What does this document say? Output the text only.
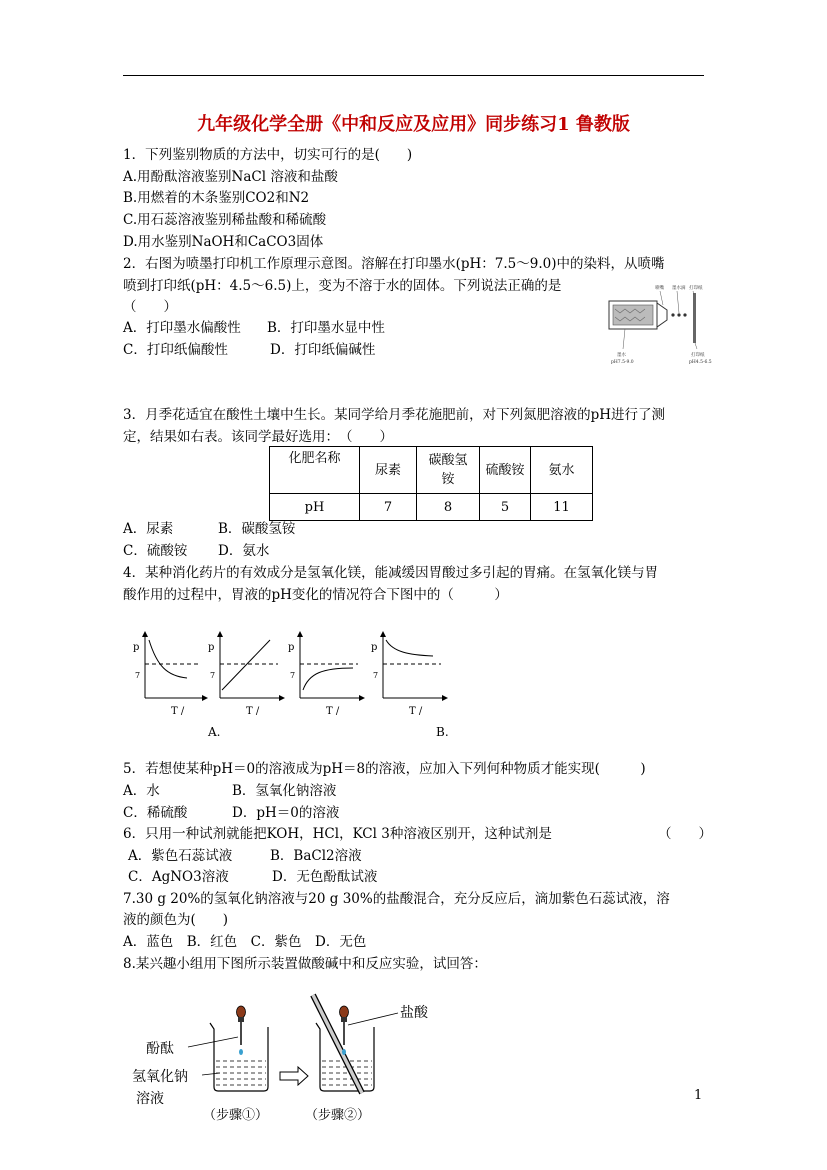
九年级化学全册《中和反应及应用》同步练习1 鲁教版
1．下列鉴别物质的方法中，切实可行的是(　　)
A.用酚酞溶液鉴别NaCl 溶液和盐酸
B.用燃着的木条鉴别CO2和N2
C.用石蕊溶液鉴别稀盐酸和稀硫酸
D.用水鉴别NaOH和CaCO3固体
2．右图为喷墨打印机工作原理示意图。溶解在打印墨水(pH：7.5～9.0)中的染料，从喷嘴
喷到打印纸(pH：4.5～6.5)上，变为不溶于水的固体。下列说法正确的是
（　　）
A．打印墨水偏酸性 B．打印墨水显中性
C．打印纸偏酸性	D．打印纸偏碱性
喷嘴 墨水滴 打印纸
墨水
pH7.5-9.0
打印纸
pH4.5-6.5
3．月季花适宜在酸性土壤中生长。某同学给月季花施肥前，对下列氮肥溶液的pH进行了测
定，结果如右表。该同学最好选用：　（　　）
化肥名称	尿素	碳酸氢铵	硫酸铵	氨水
pH	7	8	5	11
A．尿素	B．碳酸氢铵
C．硫酸铵 D．氨水
4．某种消化药片的有效成分是氢氧化镁，能减缓因胃酸过多引起的胃痛。在氢氧化镁与胃
酸作用的过程中，胃液的pH变化的情况符合下图中的（　　　）
p
7
T /
p
7
T /
p
7
T /
p
7
T /
A.	B.
5．若想使某种pH＝0的溶液成为pH＝8的溶液，应加入下列何种物质才能实现(　　　)
A．水	B．氢氧化钠溶液
C．稀硫酸	D．pH＝0的溶液
6．只用一种试剂就能把KOH，HCl，KCl 3种溶液区别开，这种试剂是	（　　）
A．紫色石蕊试液	B．BaCl2溶液
C．AgNO3溶液	D．无色酚酞试液
7.30 g 20%的氢氧化钠溶液与20 g 30%的盐酸混合，充分反应后，滴加紫色石蕊试液，溶
液的颜色为(　　)
A．蓝色　B．红色　C．紫色　D．无色
8.某兴趣小组用下图所示装置做酸碱中和反应实验，试回答：
酚酞
氢氧化钠
溶液
盐酸
（步骤①）	（步骤②）
1
